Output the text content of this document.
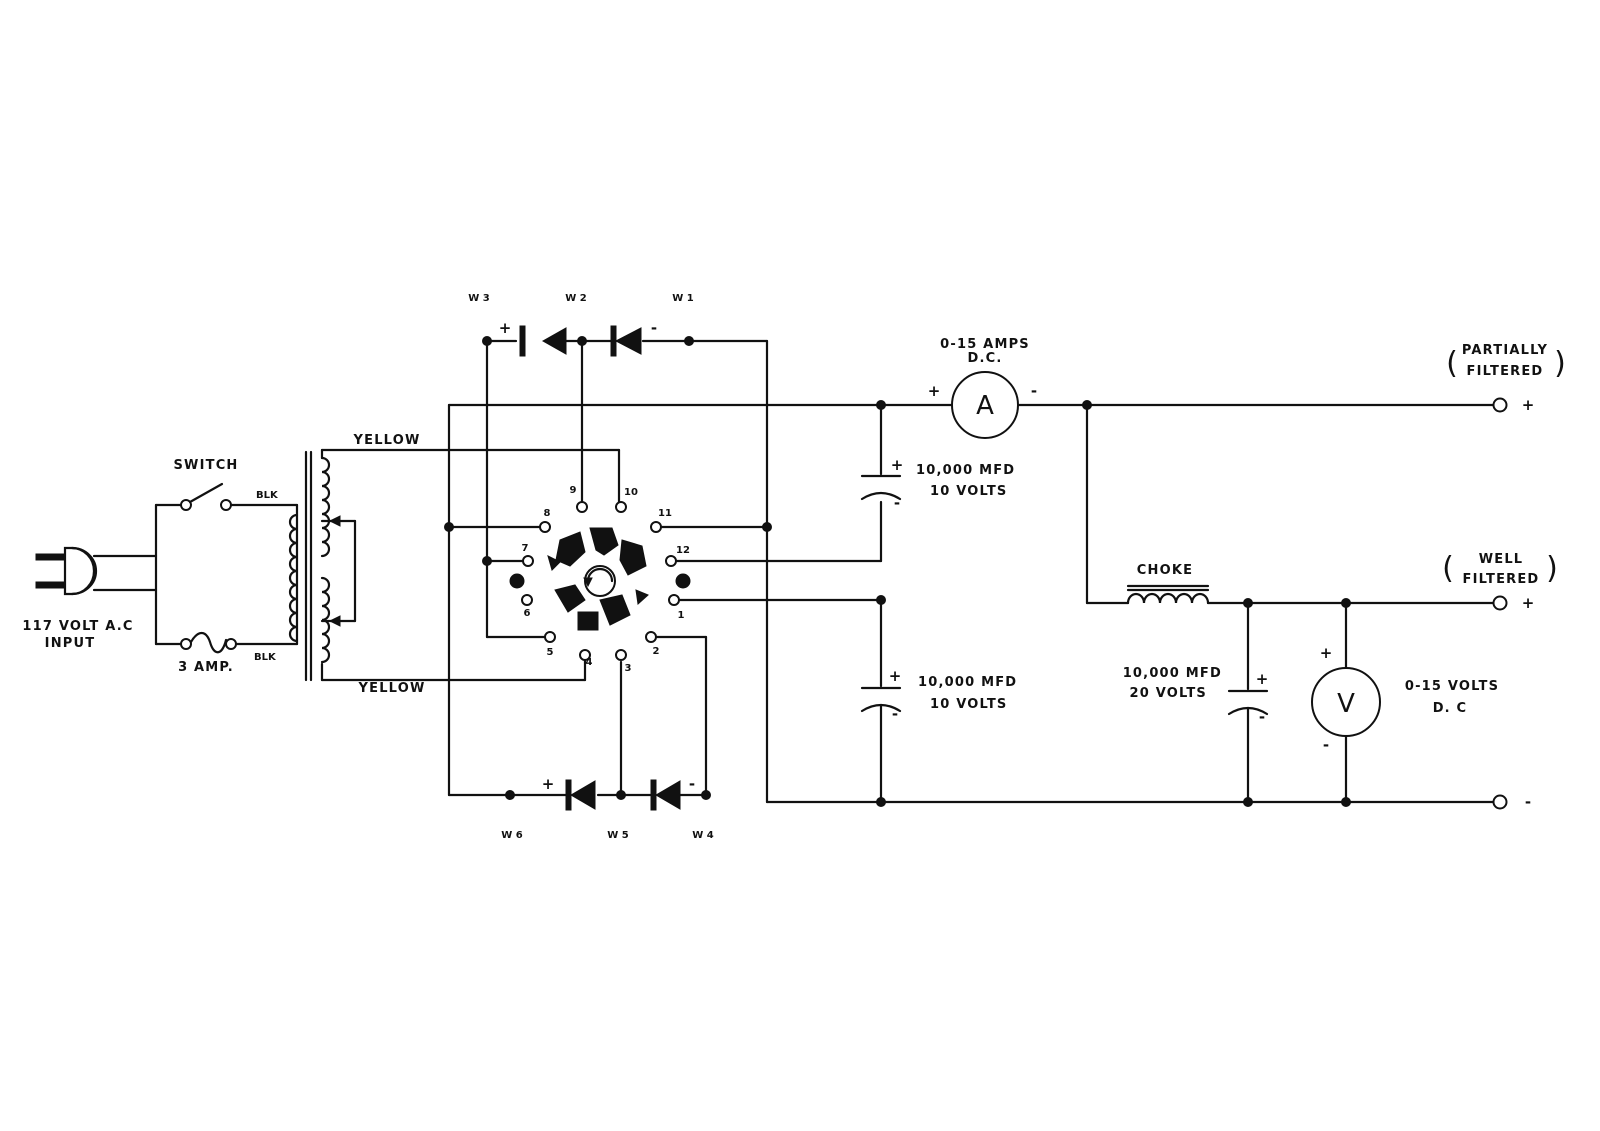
117 VOLT A.C
INPUT
SWITCH
BLK
3 AMP.
BLK
YELLOW
YELLOW
+	-
W 3	W 2	W 1
+	-
W 6	W 5	W 4
8
9	10
11
12
7
6	1
5
4
3
2
A
+	-
0-15 AMPS
D.C.
+
-
10,000 MFD
10 VOLTS
+
-
10,000 MFD
10 VOLTS
CHOKE
+
-
10,000 MFD
20 VOLTS	V
+
-
0-15 VOLTS
D. C
+
+
-
(	)
PARTIALLY
FILTERED
(	)
WELL
FILTERED
